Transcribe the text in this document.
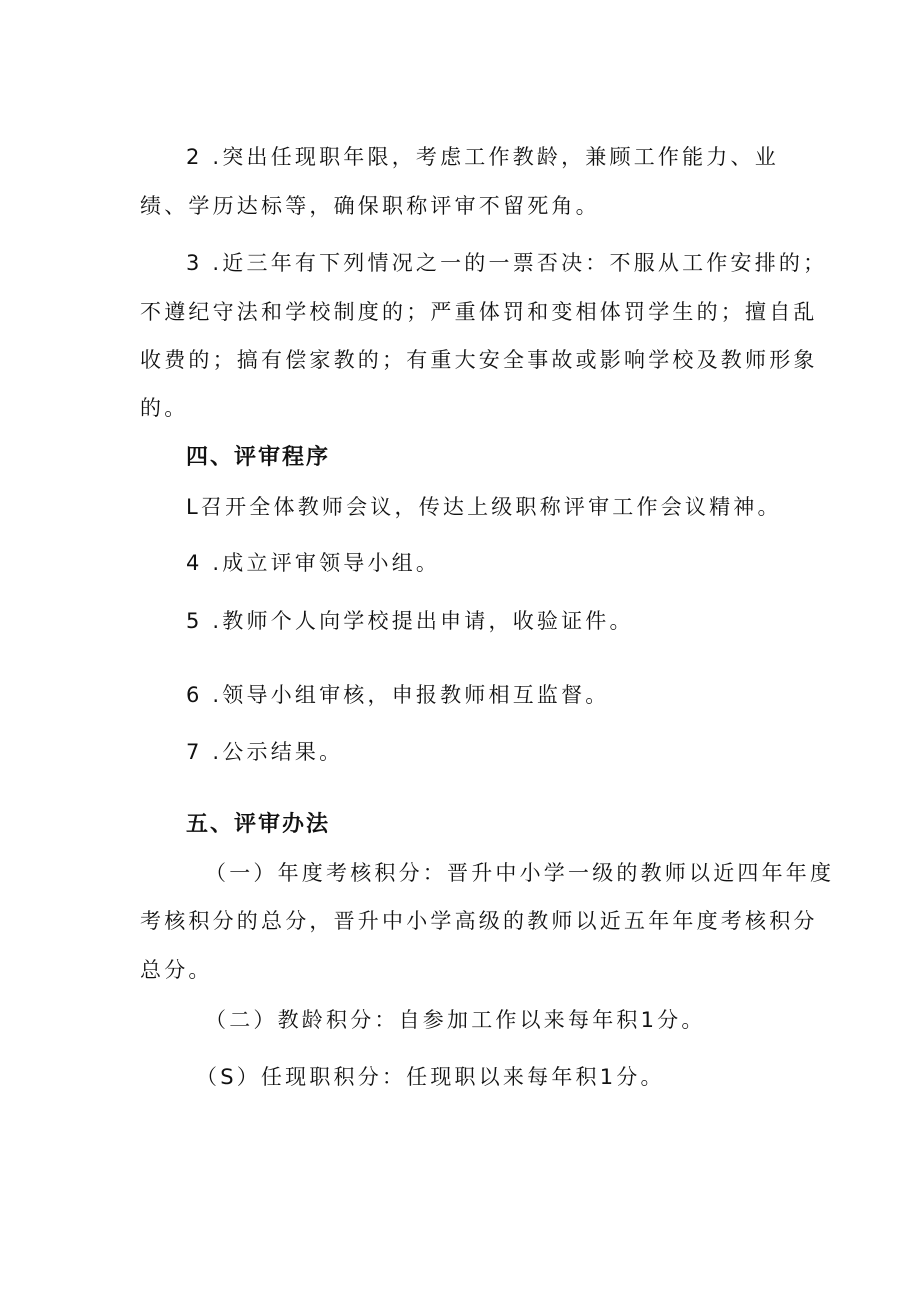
2 .突出任现职年限，考虑工作教龄，兼顾工作能力、业
绩、学历达标等，确保职称评审不留死角。
3 .近三年有下列情况之一的一票否决：不服从工作安排的；
不遵纪守法和学校制度的；严重体罚和变相体罚学生的；擅自乱
收费的；搞有偿家教的；有重大安全事故或影响学校及教师形象
的。
四、评审程序
L召开全体教师会议，传达上级职称评审工作会议精神。
4 .成立评审领导小组。
5 .教师个人向学校提出申请，收验证件。
6 .领导小组审核，申报教师相互监督。
7 .公示结果。
五、评审办法
（一）年度考核积分：晋升中小学一级的教师以近四年年度
考核积分的总分，晋升中小学高级的教师以近五年年度考核积分
总分。
（二）教龄积分：自参加工作以来每年积1分。
（S）任现职积分：任现职以来每年积1分。
